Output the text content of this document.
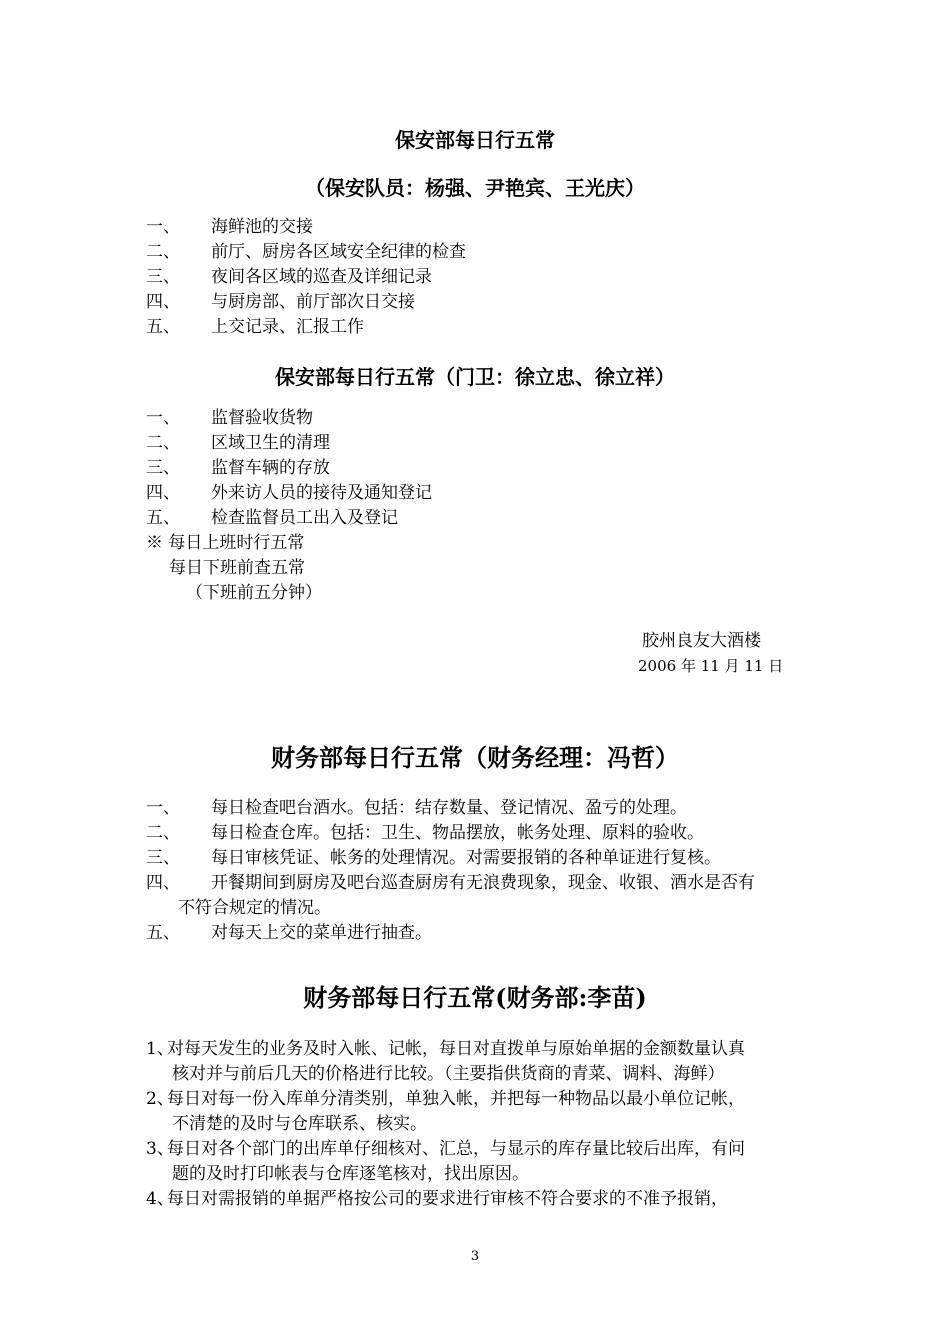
保安部每日行五常
（保安队员：杨强、尹艳宾、王光庆）
一、 海鲜池的交接
二、 前厅、厨房各区域安全纪律的检查
三、 夜间各区域的巡查及详细记录
四、 与厨房部、前厅部次日交接
五、 上交记录、汇报工作
保安部每日行五常（门卫：徐立忠、徐立祥）
一、 监督验收货物
二、 区域卫生的清理
三、 监督车辆的存放
四、 外来访人员的接待及通知登记
五、 检查监督员工出入及登记
※ 每日上班时行五常
每日下班前查五常
（下班前五分钟）
胶州良友大酒楼
2006 年 11 月 11 日
财务部每日行五常（财务经理：冯哲）
一、 每日检查吧台酒水。包括：结存数量、登记情况、盈亏的处理。
二、 每日检查仓库。包括：卫生、物品摆放，帐务处理、原料的验收。
三、 每日审核凭证、帐务的处理情况。对需要报销的各种单证进行复核。
四、 开餐期间到厨房及吧台巡查厨房有无浪费现象，现金、收银、酒水是否有
不符合规定的情况。
五、 对每天上交的菜单进行抽查。
财务部每日行五常(财务部:李苗)
1、
对每天发生的业务及时入帐、记帐，每日对直拨单与原始单据的金额数量认真
核对并与前后几天的价格进行比较。（主要指供货商的青菜、调料、海鲜）
2、
每日对每一份入库单分清类别，单独入帐，并把每一种物品以最小单位记帐，
不清楚的及时与仓库联系、核实。
3、
每日对各个部门的出库单仔细核对、汇总，与显示的库存量比较后出库，有问
题的及时打印帐表与仓库逐笔核对，找出原因。
4、
每日对需报销的单据严格按公司的要求进行审核不符合要求的不准予报销，
3
